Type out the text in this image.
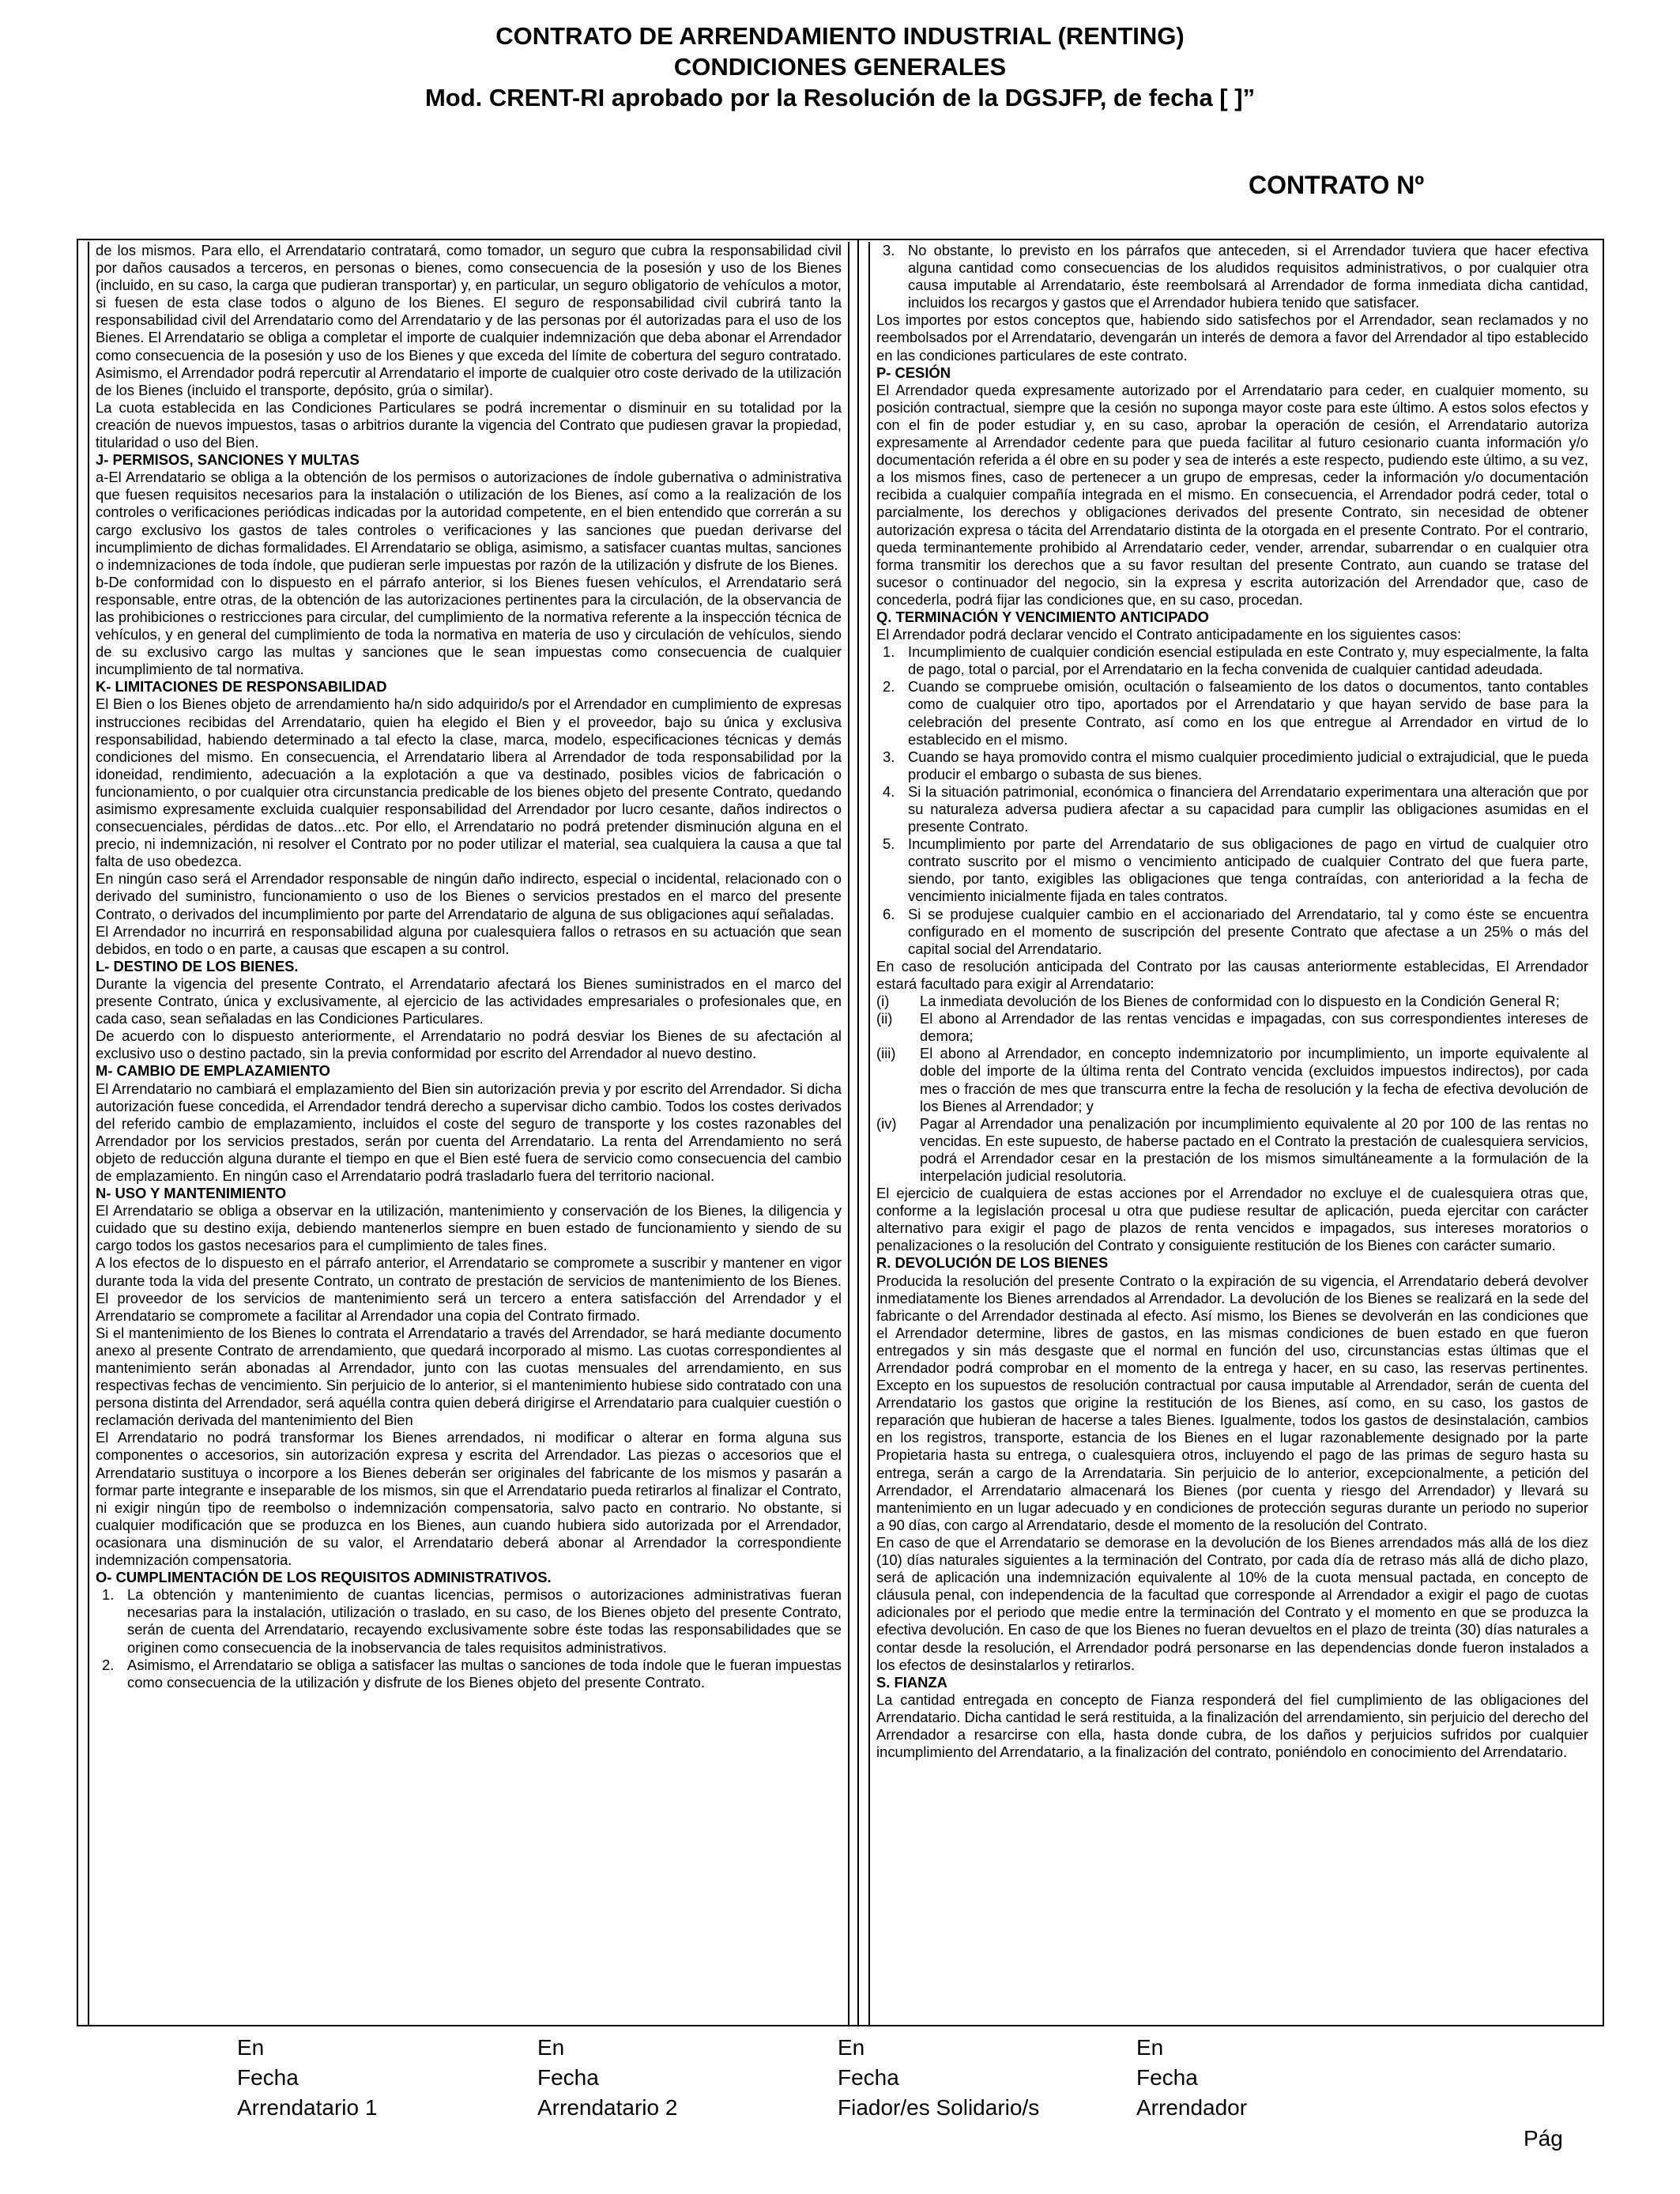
CONTRATO DE ARRENDAMIENTO INDUSTRIAL (RENTING)
CONDICIONES GENERALES
Mod. CRENT-RI aprobado por la Resolución de la DGSJFP, de fecha [ ]”
CONTRATO Nº

de los mismos. Para ello, el Arrendatario contratará, como tomador, un seguro que cubra la responsabilidad civil por daños causados a terceros, en personas o bienes, como consecuencia de la posesión y uso de los Bienes (incluido, en su caso, la carga que pudieran transportar) y, en particular, un seguro obligatorio de vehículos a motor, si fuesen de esta clase todos o alguno de los Bienes. El seguro de responsabilidad civil cubrirá tanto la responsabilidad civil del Arrendatario como del Arrendatario y de las personas por él autorizadas para el uso de los Bienes. El Arrendatario se obliga a completar el importe de cualquier indemnización que deba abonar el Arrendador como consecuencia de la posesión y uso de los Bienes y que exceda del límite de cobertura del seguro contratado. Asimismo, el Arrendador podrá repercutir al Arrendatario el importe de cualquier otro coste derivado de la utilización de los Bienes (incluido el transporte, depósito, grúa o similar).

La cuota establecida en las Condiciones Particulares se podrá incrementar o disminuir en su totalidad por la creación de nuevos impuestos, tasas o arbitrios durante la vigencia del Contrato que pudiesen gravar la propiedad, titularidad o uso del Bien.

J- PERMISOS, SANCIONES Y MULTAS

a-El Arrendatario se obliga a la obtención de los permisos o autorizaciones de índole gubernativa o administrativa que fuesen requisitos necesarios para la instalación o utilización de los Bienes, así como a la realización de los controles o verificaciones periódicas indicadas por la autoridad competente, en el bien entendido que correrán a su cargo exclusivo los gastos de tales controles o verificaciones y las sanciones que puedan derivarse del incumplimiento de dichas formalidades. El Arrendatario se obliga, asimismo, a satisfacer cuantas multas, sanciones o indemnizaciones de toda índole, que pudieran serle impuestas por razón de la utilización y disfrute de los Bienes.

b-De conformidad con lo dispuesto en el párrafo anterior, si los Bienes fuesen vehículos, el Arrendatario será responsable, entre otras, de la obtención de las autorizaciones pertinentes para la circulación, de la observancia de las prohibiciones o restricciones para circular, del cumplimiento de la normativa referente a la inspección técnica de vehículos, y en general del cumplimiento de toda la normativa en materia de uso y circulación de vehículos, siendo de su exclusivo cargo las multas y sanciones que le sean impuestas como consecuencia de cualquier incumplimiento de tal normativa.

K- LIMITACIONES DE RESPONSABILIDAD

El Bien o los Bienes objeto de arrendamiento ha/n sido adquirido/s por el Arrendador en cumplimiento de expresas instrucciones recibidas del Arrendatario, quien ha elegido el Bien y el proveedor, bajo su única y exclusiva responsabilidad, habiendo determinado a tal efecto la clase, marca, modelo, especificaciones técnicas y demás condiciones del mismo. En consecuencia, el Arrendatario libera al Arrendador de toda responsabilidad por la idoneidad, rendimiento, adecuación a la explotación a que va destinado, posibles vicios de fabricación o funcionamiento, o por cualquier otra circunstancia predicable de los bienes objeto del presente Contrato, quedando asimismo expresamente excluida cualquier responsabilidad del Arrendador por lucro cesante, daños indirectos o consecuenciales, pérdidas de datos...etc. Por ello, el Arrendatario no podrá pretender disminución alguna en el precio, ni indemnización, ni resolver el Contrato por no poder utilizar el material, sea cualquiera la causa a que tal falta de uso obedezca.

En ningún caso será el Arrendador responsable de ningún daño indirecto, especial o incidental, relacionado con o derivado del suministro, funcionamiento o uso de los Bienes o servicios prestados en el marco del presente Contrato, o derivados del incumplimiento por parte del Arrendatario de alguna de sus obligaciones aquí señaladas.

El Arrendador no incurrirá en responsabilidad alguna por cualesquiera fallos o retrasos en su actuación que sean debidos, en todo o en parte, a causas que escapen a su control.

L- DESTINO DE LOS BIENES.

Durante la vigencia del presente Contrato, el Arrendatario afectará los Bienes suministrados en el marco del presente Contrato, única y exclusivamente, al ejercicio de las actividades empresariales o profesionales que, en cada caso, sean señaladas en las Condiciones Particulares.

De acuerdo con lo dispuesto anteriormente, el Arrendatario no podrá desviar los Bienes de su afectación al exclusivo uso o destino pactado, sin la previa conformidad por escrito del Arrendador al nuevo destino.

M- CAMBIO DE EMPLAZAMIENTO

El Arrendatario no cambiará el emplazamiento del Bien sin autorización previa y por escrito del Arrendador. Si dicha autorización fuese concedida, el Arrendador tendrá derecho a supervisar dicho cambio. Todos los costes derivados del referido cambio de emplazamiento, incluidos el coste del seguro de transporte y los costes razonables del Arrendador por los servicios prestados, serán por cuenta del Arrendatario. La renta del Arrendamiento no será objeto de reducción alguna durante el tiempo en que el Bien esté fuera de servicio como consecuencia del cambio de emplazamiento. En ningún caso el Arrendatario podrá trasladarlo fuera del territorio nacional.

N- USO Y MANTENIMIENTO

El Arrendatario se obliga a observar en la utilización, mantenimiento y conservación de los Bienes, la diligencia y cuidado que su destino exija, debiendo mantenerlos siempre en buen estado de funcionamiento y siendo de su cargo todos los gastos necesarios para el cumplimiento de tales fines.

A los efectos de lo dispuesto en el párrafo anterior, el Arrendatario se compromete a suscribir y mantener en vigor durante toda la vida del presente Contrato, un contrato de prestación de servicios de mantenimiento de los Bienes. El proveedor de los servicios de mantenimiento será un tercero a entera satisfacción del Arrendador y el Arrendatario se compromete a facilitar al Arrendador una copia del Contrato firmado.

Si el mantenimiento de los Bienes lo contrata el Arrendatario a través del Arrendador, se hará mediante documento anexo al presente Contrato de arrendamiento, que quedará incorporado al mismo. Las cuotas correspondientes al mantenimiento serán abonadas al Arrendador, junto con las cuotas mensuales del arrendamiento, en sus respectivas fechas de vencimiento. Sin perjuicio de lo anterior, si el mantenimiento hubiese sido contratado con una persona distinta del Arrendador, será aquélla contra quien deberá dirigirse el Arrendatario para cualquier cuestión o reclamación derivada del mantenimiento del Bien

El Arrendatario no podrá transformar los Bienes arrendados, ni modificar o alterar en forma alguna sus componentes o accesorios, sin autorización expresa y escrita del Arrendador. Las piezas o accesorios que el Arrendatario sustituya o incorpore a los Bienes deberán ser originales del fabricante de los mismos y pasarán a formar parte integrante e inseparable de los mismos, sin que el Arrendatario pueda retirarlos al finalizar el Contrato, ni exigir ningún tipo de reembolso o indemnización compensatoria, salvo pacto en contrario. No obstante, si cualquier modificación que se produzca en los Bienes, aun cuando hubiera sido autorizada por el Arrendador, ocasionara una disminución de su valor, el Arrendatario deberá abonar al Arrendador la correspondiente indemnización compensatoria.

O- CUMPLIMENTACIÓN DE LOS REQUISITOS ADMINISTRATIVOS.
1. La obtención y mantenimiento de cuantas licencias, permisos o autorizaciones administrativas fueran necesarias para la instalación, utilización o traslado, en su caso, de los Bienes objeto del presente Contrato, serán de cuenta del Arrendatario, recayendo exclusivamente sobre éste todas las responsabilidades que se originen como consecuencia de la inobservancia de tales requisitos administrativos.
2. Asimismo, el Arrendatario se obliga a satisfacer las multas o sanciones de toda índole que le fueran impuestas como consecuencia de la utilización y disfrute de los Bienes objeto del presente Contrato.
3. No obstante, lo previsto en los párrafos que anteceden, si el Arrendador tuviera que hacer efectiva alguna cantidad como consecuencias de los aludidos requisitos administrativos, o por cualquier otra causa imputable al Arrendatario, éste reembolsará al Arrendador de forma inmediata dicha cantidad, incluidos los recargos y gastos que el Arrendador hubiera tenido que satisfacer.

Los importes por estos conceptos que, habiendo sido satisfechos por el Arrendador, sean reclamados y no reembolsados por el Arrendatario, devengarán un interés de demora a favor del Arrendador al tipo establecido en las condiciones particulares de este contrato.

P- CESIÓN

El Arrendador queda expresamente autorizado por el Arrendatario para ceder, en cualquier momento, su posición contractual, siempre que la cesión no suponga mayor coste para este último. A estos solos efectos y con el fin de poder estudiar y, en su caso, aprobar la operación de cesión, el Arrendatario autoriza expresamente al Arrendador cedente para que pueda facilitar al futuro cesionario cuanta información y/o documentación referida a él obre en su poder y sea de interés a este respecto, pudiendo este último, a su vez, a los mismos fines, caso de pertenecer a un grupo de empresas, ceder la información y/o documentación recibida a cualquier compañía integrada en el mismo. En consecuencia, el Arrendador podrá ceder, total o parcialmente, los derechos y obligaciones derivados del presente Contrato, sin necesidad de obtener autorización expresa o tácita del Arrendatario distinta de la otorgada en el presente Contrato. Por el contrario, queda terminantemente prohibido al Arrendatario ceder, vender, arrendar, subarrendar o en cualquier otra forma transmitir los derechos que a su favor resultan del presente Contrato, aun cuando se tratase del sucesor o continuador del negocio, sin la expresa y escrita autorización del Arrendador que, caso de concederla, podrá fijar las condiciones que, en su caso, procedan.

Q. TERMINACIÓN Y VENCIMIENTO ANTICIPADO

El Arrendador podrá declarar vencido el Contrato anticipadamente en los siguientes casos:

1. Incumplimiento de cualquier condición esencial estipulada en este Contrato y, muy especialmente, la falta de pago, total o parcial, por el Arrendatario en la fecha convenida de cualquier cantidad adeudada.
2. Cuando se compruebe omisión, ocultación o falseamiento de los datos o documentos, tanto contables como de cualquier otro tipo, aportados por el Arrendatario y que hayan servido de base para la celebración del presente Contrato, así como en los que entregue al Arrendador en virtud de lo establecido en el mismo.
3. Cuando se haya promovido contra el mismo cualquier procedimiento judicial o extrajudicial, que le pueda producir el embargo o subasta de sus bienes.
4. Si la situación patrimonial, económica o financiera del Arrendatario experimentara una alteración que por su naturaleza adversa pudiera afectar a su capacidad para cumplir las obligaciones asumidas en el presente Contrato.
5. Incumplimiento por parte del Arrendatario de sus obligaciones de pago en virtud de cualquier otro contrato suscrito por el mismo o vencimiento anticipado de cualquier Contrato del que fuera parte, siendo, por tanto, exigibles las obligaciones que tenga contraídas, con anterioridad a la fecha de vencimiento inicialmente fijada en tales contratos.
6. Si se produjese cualquier cambio en el accionariado del Arrendatario, tal y como éste se encuentra configurado en el momento de suscripción del presente Contrato que afectase a un 25% o más del capital social del Arrendatario.

En caso de resolución anticipada del Contrato por las causas anteriormente establecidas, El Arrendador estará facultado para exigir al Arrendatario:

(i) La inmediata devolución de los Bienes de conformidad con lo dispuesto en la Condición General R;
(ii) El abono al Arrendador de las rentas vencidas e impagadas, con sus correspondientes intereses de demora;
(iii) El abono al Arrendador, en concepto indemnizatorio por incumplimiento, un importe equivalente al doble del importe de la última renta del Contrato vencida (excluidos impuestos indirectos), por cada mes o fracción de mes que transcurra entre la fecha de resolución y la fecha de efectiva devolución de los Bienes al Arrendador; y
(iv) Pagar al Arrendador una penalización por incumplimiento equivalente al 20 por 100 de las rentas no vencidas. En este supuesto, de haberse pactado en el Contrato la prestación de cualesquiera servicios, podrá el Arrendador cesar en la prestación de los mismos simultáneamente a la formulación de la interpelación judicial resolutoria.

El ejercicio de cualquiera de estas acciones por el Arrendador no excluye el de cualesquiera otras que, conforme a la legislación procesal u otra que pudiese resultar de aplicación, pueda ejercitar con carácter alternativo para exigir el pago de plazos de renta vencidos e impagados, sus intereses moratorios o penalizaciones o la resolución del Contrato y consiguiente restitución de los Bienes con carácter sumario.

R. DEVOLUCIÓN DE LOS BIENES

Producida la resolución del presente Contrato o la expiración de su vigencia, el Arrendatario deberá devolver inmediatamente los Bienes arrendados al Arrendador. La devolución de los Bienes se realizará en la sede del fabricante o del Arrendador destinada al efecto. Así mismo, los Bienes se devolverán en las condiciones que el Arrendador determine, libres de gastos, en las mismas condiciones de buen estado en que fueron entregados y sin más desgaste que el normal en función del uso, circunstancias estas últimas que el Arrendador podrá comprobar en el momento de la entrega y hacer, en su caso, las reservas pertinentes. Excepto en los supuestos de resolución contractual por causa imputable al Arrendador, serán de cuenta del Arrendatario los gastos que origine la restitución de los Bienes, así como, en su caso, los gastos de reparación que hubieran de hacerse a tales Bienes. Igualmente, todos los gastos de desinstalación, cambios en los registros, transporte, estancia de los Bienes en el lugar razonablemente designado por la parte Propietaria hasta su entrega, o cualesquiera otros, incluyendo el pago de las primas de seguro hasta su entrega, serán a cargo de la Arrendataria. Sin perjuicio de lo anterior, excepcionalmente, a petición del Arrendador, el Arrendatario almacenará los Bienes (por cuenta y riesgo del Arrendador) y llevará su mantenimiento en un lugar adecuado y en condiciones de protección seguras durante un periodo no superior a 90 días, con cargo al Arrendatario, desde el momento de la resolución del Contrato.

En caso de que el Arrendatario se demorase en la devolución de los Bienes arrendados más allá de los diez (10) días naturales siguientes a la terminación del Contrato, por cada día de retraso más allá de dicho plazo, será de aplicación una indemnización equivalente al 10% de la cuota mensual pactada, en concepto de cláusula penal, con independencia de la facultad que corresponde al Arrendador a exigir el pago de cuotas adicionales por el periodo que medie entre la terminación del Contrato y el momento en que se produzca la efectiva devolución. En caso de que los Bienes no fueran devueltos en el plazo de treinta (30) días naturales a contar desde la resolución, el Arrendador podrá personarse en las dependencias donde fueron instalados a los efectos de desinstalarlos y retirarlos.

S. FIANZA

La cantidad entregada en concepto de Fianza responderá del fiel cumplimiento de las obligaciones del Arrendatario. Dicha cantidad le será restituida, a la finalización del arrendamiento, sin perjuicio del derecho del Arrendador a resarcirse con ella, hasta donde cubra, de los daños y perjuicios sufridos por cualquier incumplimiento del Arrendatario, a la finalización del contrato, poniéndolo en conocimiento del Arrendatario.

En
Fecha
Arrendatario 1
En
Fecha
Arrendatario 2
En
Fecha
Fiador/es Solidario/s
En
Fecha
Arrendador
Pág
